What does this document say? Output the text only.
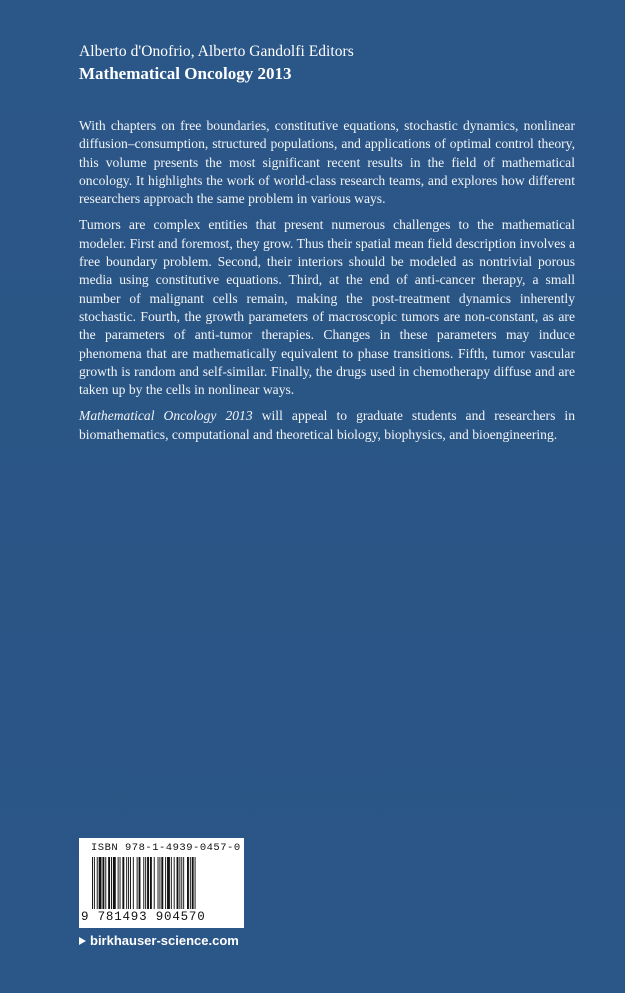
Alberto d'Onofrio, Alberto Gandolfi Editors
Mathematical Oncology 2013

With chapters on free boundaries, constitutive equations, stochastic dynamics, nonlinear diffusion–consumption, structured populations, and applications of optimal control theory, this volume presents the most significant recent results in the field of mathematical oncology. It highlights the work of world-class research teams, and explores how different researchers approach the same problem in various ways.

Tumors are complex entities that present numerous challenges to the mathematical modeler. First and foremost, they grow. Thus their spatial mean field description involves a free boundary problem. Second, their interiors should be modeled as nontrivial porous media using constitutive equations. Third, at the end of anti-cancer therapy, a small number of malignant cells remain, making the post-treatment dynamics inherently stochastic. Fourth, the growth parameters of macroscopic tumors are non-constant, as are the parameters of anti-tumor therapies. Changes in these parameters may induce phenomena that are mathematically equivalent to phase transitions. Fifth, tumor vascular growth is random and self-similar. Finally, the drugs used in chemotherapy diffuse and are taken up by the cells in nonlinear ways.

Mathematical Oncology 2013 will appeal to graduate students and researchers in biomathematics, computational and theoretical biology, biophysics, and bioengineering.

ISBN 978-1-4939-0457-0
9 781493 904570
birkhauser-science.com
